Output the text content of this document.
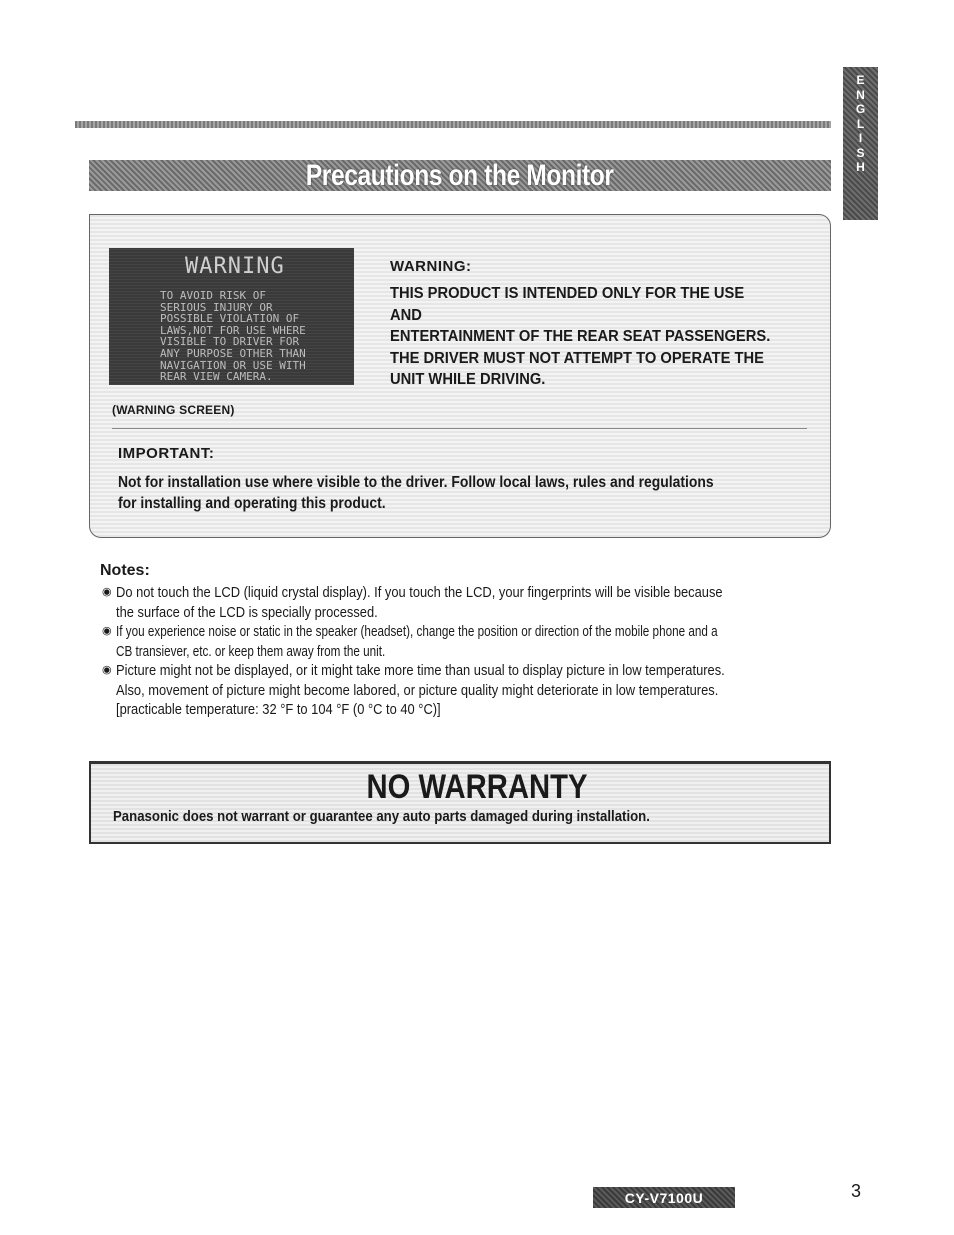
E
N
G
L
I
S
H
Precautions on the Monitor
WARNING
TO AVOID RISK OF
SERIOUS INJURY OR
POSSIBLE VIOLATION OF
LAWS,NOT FOR USE WHERE
VISIBLE TO DRIVER FOR
ANY PURPOSE OTHER THAN
NAVIGATION OR USE WITH
REAR VIEW CAMERA.
(WARNING SCREEN)
WARNING:
THIS PRODUCT IS INTENDED ONLY FOR THE USE AND
ENTERTAINMENT OF THE REAR SEAT PASSENGERS.
THE DRIVER MUST NOT ATTEMPT TO OPERATE THE
UNIT WHILE DRIVING.
IMPORTANT:
Not for installation use where visible to the driver. Follow local laws, rules and regulations
for installing and operating this product.
Notes:
◉ Do not touch the LCD (liquid crystal display). If you touch the LCD, your fingerprints will be visible because
the surface of the LCD is specially processed.
◉ If you experience noise or static in the speaker (headset), change the position or direction of the mobile phone and a
CB transiever, etc. or keep them away from the unit.
◉ Picture might not be displayed, or it might take more time than usual to display picture in low temperatures.
Also, movement of picture might become labored, or picture quality might deteriorate in low temperatures.
[practicable temperature: 32 °F to 104 °F (0 °C to 40 °C)]
NO WARRANTY
Panasonic does not warrant or guarantee any auto parts damaged during installation.
CY-V7100U	3
